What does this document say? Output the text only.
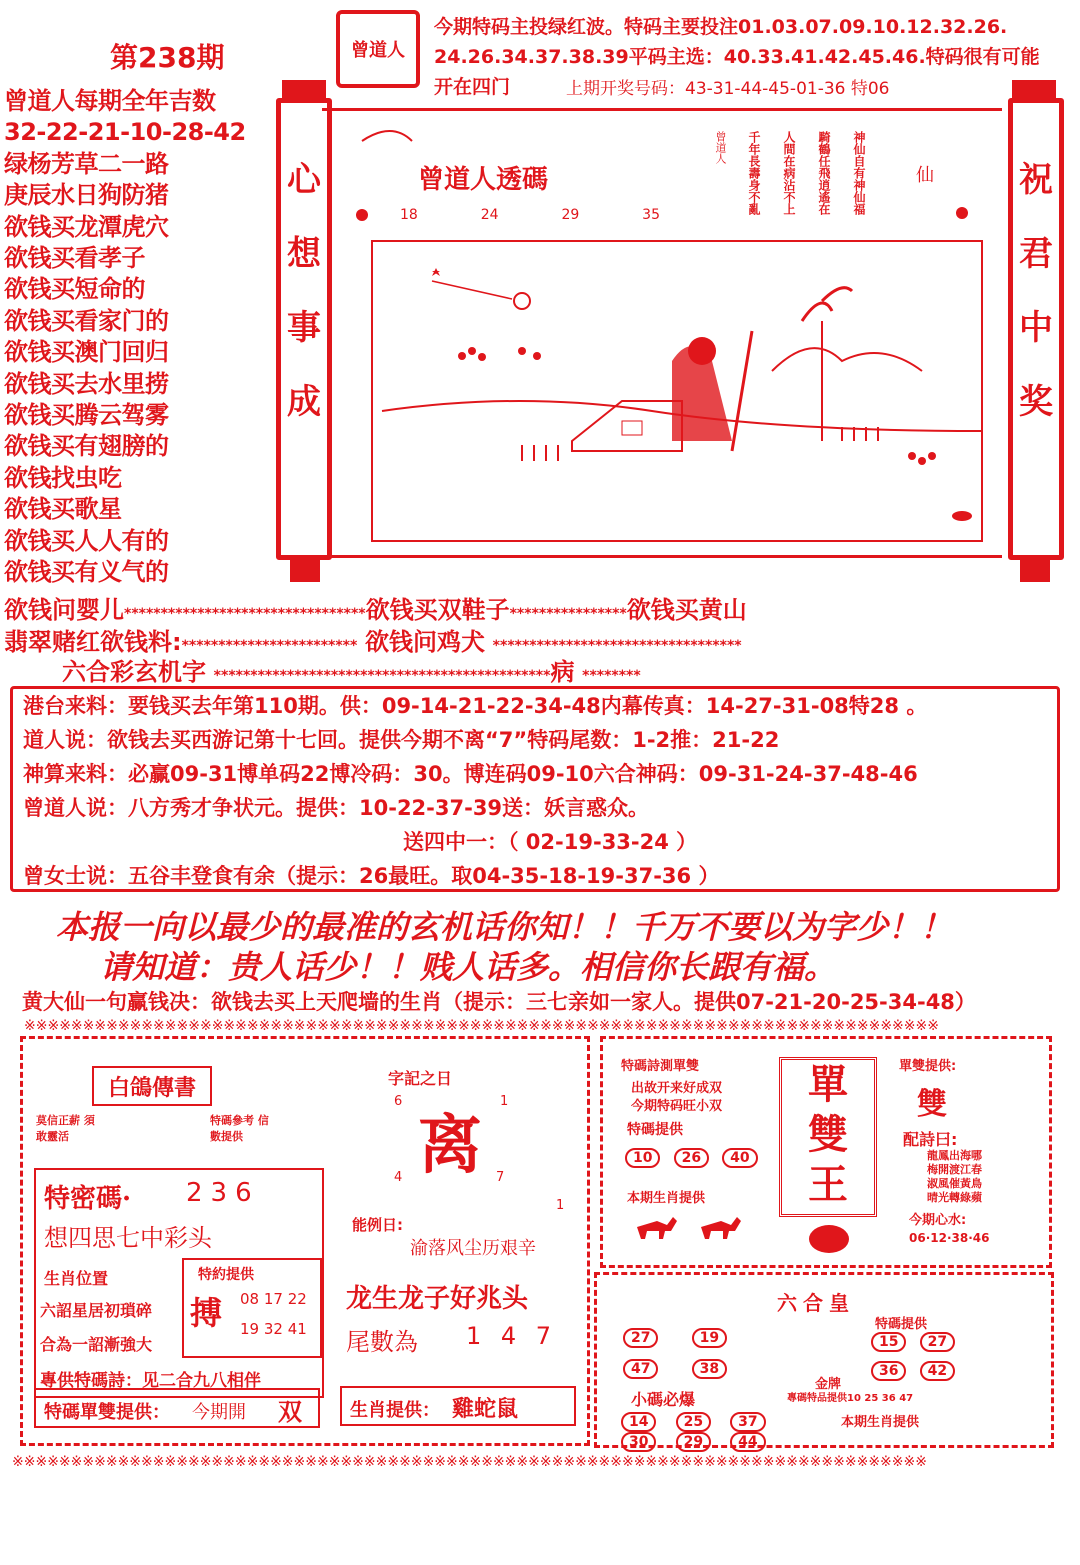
第238期	曾道人
今期特码主投绿红波。特码主要投注01.03.07.09.10.12.32.26.
24.26.34.37.38.39平码主选：40.33.41.42.45.46.特码很有可能
开在四门	上期开奖号码：43-31-44-45-01-36 特06
曾道人每期全年吉数
32-22-21-10-28-42
绿杨芳草二一路
庚辰水日狗防猪
欲钱买龙潭虎穴
欲钱买看孝子
欲钱买短命的
欲钱买看家门的
欲钱买澳门回归
欲钱买去水里捞
欲钱买腾云驾雾
欲钱买有翅膀的
欲钱找虫吃
欲钱买歌星
欲钱买人人有的
欲钱买有义气的
心
想
事
成
祝
君
中
奖
曾道人透碼
18	24	29	35
仙
神仙自有神仙福
騎鶴任飛逍遙在
人間在病沾不上
千年長壽身不亂
曾道人
欲钱问婴儿*********************************欲钱买双鞋子****************欲钱买黄山
翡翠赌红欲钱料:************************ 欲钱问鸡犬 **********************************
六合彩玄机字 **********************************************病 ********
港台来料：要钱买去年第110期。供：09-14-21-22-34-48内幕传真：14-27-31-08特28 。
道人说：欲钱去买西游记第十七回。提供今期不离“7”特码尾数：1-2推：21-22
神算来料：必赢09-31博单码22博冷码：30。博连码09-10六合神码：09-31-24-37-48-46
曾道人说：八方秀才争状元。提供：10-22-37-39送：妖言惑众。
送四中一：（ 02-19-33-24 ）
曾女士说：五谷丰登食有余（提示：26最旺。取04-35-18-19-37-36 ）
本报一向以最少的最准的玄机话你知！！千万不要以为字少！！
请知道：贵人话少！！贱人话多。相信你长跟有福。
黄大仙一句赢钱决：欲钱去买上天爬墙的生肖（提示：三七亲如一家人。提供07-21-20-25-34-48）
※※※※※※※※※※※※※※※※※※※※※※※※※※※※※※※※※※※※※※※※※※※※※※※※※※※※※※※※※※※※※※※※※※※※※※※※※※※※※※
※※※※※※※※※※※※※※※※※※※※※※※※※※※※※※※※※※※※※※※※※※※※※※※※※※※※※※※※※※※※※※※※※※※※※※※※※※※※※※
白鴿傳書
莫信正薪 須敢靈活
特碼參考 信數提供
特密碼· 236
想四思七中彩头
生肖位置
六詔星居初瑣碎
合為一詔漸強大
特約提供
搏 08 17 22
19 32 41
專供特碼詩：见二合九八相伴
特碼單雙提供： 今期開 双
字記之日
6	1
离
4	7
1
能例日:
渝落风尘历艰辛
龙生龙子好兆头
尾數為 1 4 7
生肖提供： 雞蛇鼠
特碼詩測單雙
出故开来好成双
今期特码旺小双
特碼提供
10 26 40
本期生肖提供
單
雙
王
單雙提供:
雙
配詩曰:
龍鳳出海哪
梅開渡江春
淑風催黃鳥
晴光轉綠蘋
今期心水:
06·12·38·46
六合皇
27	19
47	38
特碼提供
15 27
36 42
金牌
小碼必爆	專碼特品提供10 25 36 47
14	25	37
30	29	44
本期生肖提供
